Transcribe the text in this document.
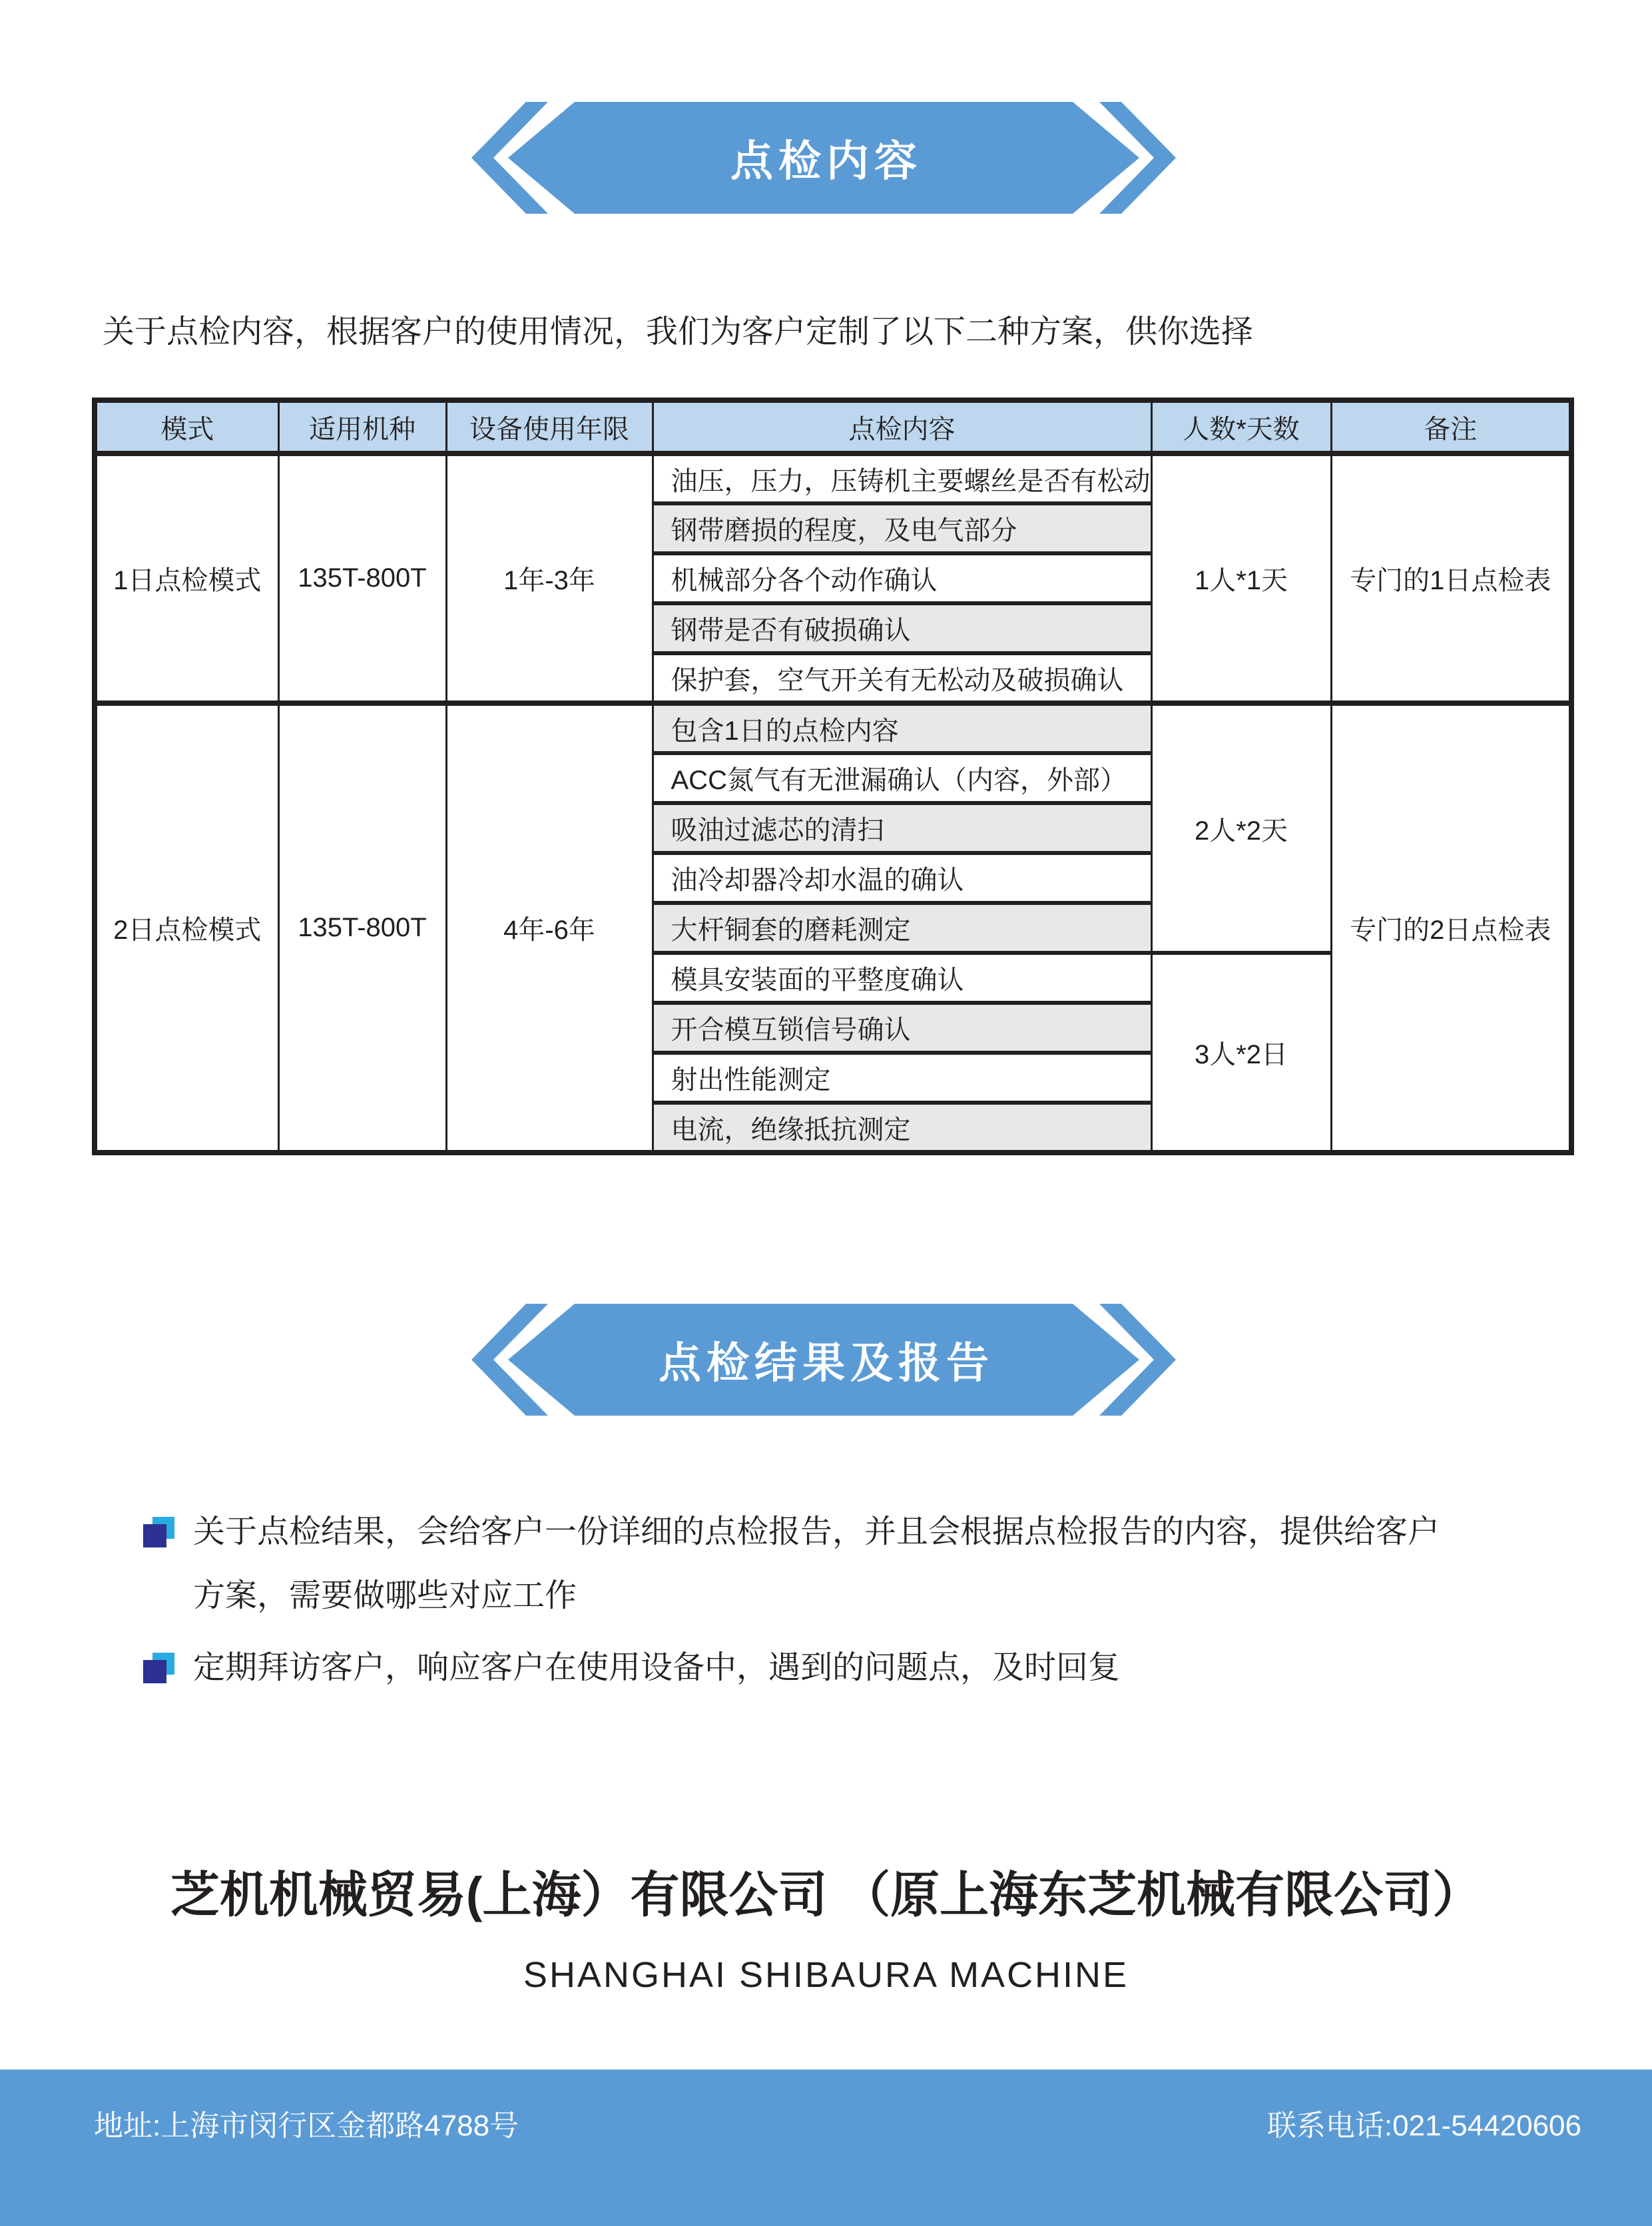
点检内容
关于点检内容，根据客户的使用情况，我们为客户定制了以下二种方案，供你选择
模式	适用机种	设备使用年限	点检内容	人数*天数	备注
1日点检模式	135T-800T	1年-3年	油压，压力，压铸机主要螺丝是否有松动	1人*1天	专门的1日点检表
			钢带磨损的程度，及电气部分		
			机械部分各个动作确认		
			钢带是否有破损确认		
			保护套，空气开关有无松动及破损确认		
2日点检模式	135T-800T	4年-6年	包含1日的点检内容	2人*2天	专门的2日点检表
			ACC氮气有无泄漏确认（内容，外部）		
			吸油过滤芯的清扫		
			油冷却器冷却水温的确认		
			大杆铜套的磨耗测定		
			模具安装面的平整度确认	3人*2日	
			开合模互锁信号确认		
			射出性能测定		
			电流，绝缘抵抗测定		
点检结果及报告
关于点检结果，会给客户一份详细的点检报告，并且会根据点检报告的内容，提供给客户方案，需要做哪些对应工作
定期拜访客户，响应客户在使用设备中，遇到的问题点，及时回复
芝机机械贸易(上海）有限公司 （原上海东芝机械有限公司）
SHANGHAI SHIBAURA MACHINE
地址:上海市闵行区金都路4788号	联系电话:021-54420606
